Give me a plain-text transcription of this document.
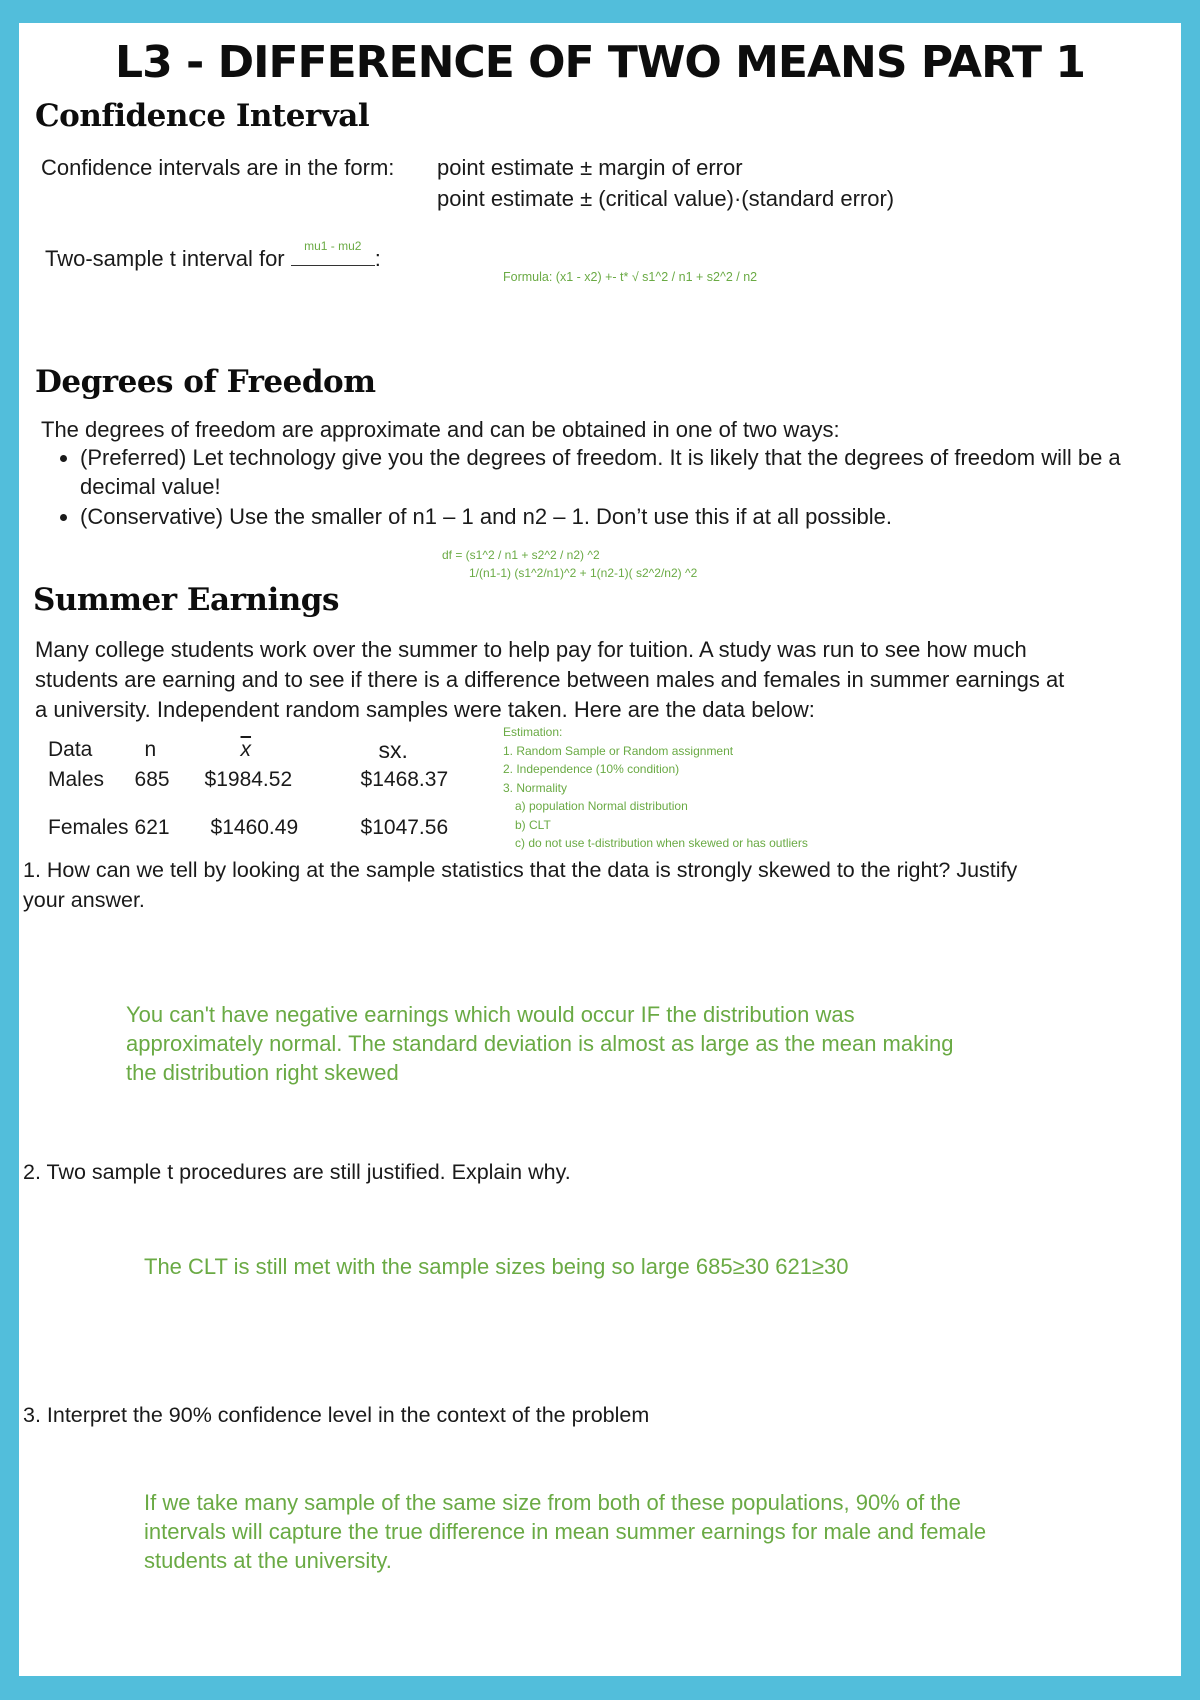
L3 - DIFFERENCE OF TWO MEANS PART 1
Confidence Interval
Confidence intervals are in the form: point estimate ± margin of error
point estimate ± (critical value)·(standard error)
Two-sample t interval for	mu1 - mu2 :
Formula: (x1 - x2) +- t* √ s1^2 / n1 + s2^2 / n2
Degrees of Freedom
The degrees of freedom are approximate and can be obtained in one of two ways:
• (Preferred) Let technology give you the degrees of freedom. It is likely that the degrees of freedom will be a decimal value!
• (Conservative) Use the smaller of n1 – 1 and n2 – 1. Don’t use this if at all possible.
df = (s1^2 / n1 + s2^2 / n2) ^2
1/(n1-1) (s1^2/n1)^2 + 1(n2-1)( s2^2/n2) ^2
Summer Earnings
Many college students work over the summer to help pay for tuition. A study was run to see how much
students are earning and to see if there is a difference between males and females in summer earnings at
a university. Independent random samples were taken. Here are the data below:
Data	n	$\overline{x}$	sx.
Males	685	$1984.52	$1468.37
Females	621	$1460.49	$1047.56
Estimation:
1. Random Sample or Random assignment
2. Independence (10% condition)
3. Normality
a) population Normal distribution
b) CLT
c) do not use t-distribution when skewed or has outliers
1. How can we tell by looking at the sample statistics that the data is strongly skewed to the right? Justify
your answer.
You can't have negative earnings which would occur IF the distribution was approximately normal. The standard deviation is almost as large as the mean making the distribution right skewed
2. Two sample t procedures are still justified. Explain why.
The CLT is still met with the sample sizes being so large 685≥30 621≥30
3. Interpret the 90% confidence level in the context of the problem
If we take many sample of the same size from both of these populations, 90% of the intervals will capture the true difference in mean summer earnings for male and female students at the university.
